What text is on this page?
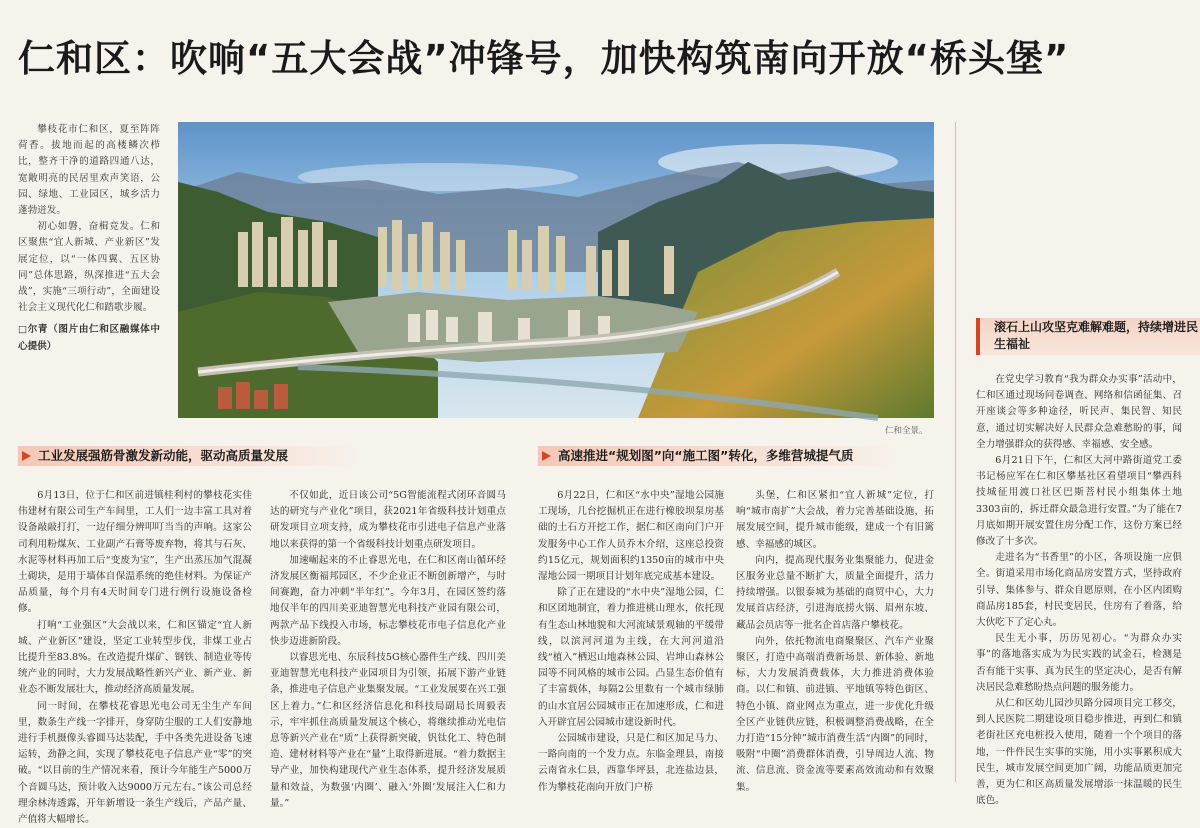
仁和区：吹响“五大会战”冲锋号，加快构筑南向开放“桥头堡”

攀枝花市仁和区，夏至阵阵荷香。拔地而起的高楼鳞次栉比，整齐干净的道路四通八达，宽敞明亮的民居里欢声笑语，公园、绿地、工业园区，城乡活力蓬勃迸发。

初心如磐，奋楫竞发。仁和区聚焦“宜人新城、产业新区”发展定位，以“一体四翼、五区协同”总体思路，纵深推进“五大会战”，实施“三项行动”，全面建设社会主义现代化仁和踏歌步履。

□尔青（图片由仁和区融媒体中心提供）

仁和全景。
工业发展强筋骨激发新动能，驱动高质量发展	高速推进“规划图”向“施工图”转化，多维营城提气质
滚石上山攻坚克难解难题，持续增进民生福祉

6月13日，位于仁和区前进镇桂利村的攀枝花实佳伟建材有限公司生产车间里，工人们一边丰富工具对着设备敲敲打打，一边仔细分辨叩叮当当的声响。这家公司利用粉煤灰、工业副产石膏等废弃物，将其与石灰、水泥等材料再加工后“变废为宝”，生产出蒸压加气混凝土砌块，是用于墙体自保温系统的绝佳材料。为保证产品质量，每个月有4天时间专门进行例行设施设备检修。

打响“工业强区”大会战以来，仁和区锚定“宜人新城、产业新区”建设，坚定工业转型步伐，非煤工业占比提升至83.8%。在改造提升煤矿、钢铁、制造业等传统产业的同时，大力发展战略性新兴产业、新产业、新业态不断发展壮大，推动经济高质量发展。

同一时间，在攀枝花睿思光电公司无尘生产车间里，数条生产线一字排开，身穿防尘服的工人们安静地进行手机摄像头睿圆马达装配，手中各类先进设备飞速运转，劲静之间，实现了攀枝花电子信息产业“零”的突破。“以目前的生产情况来看，预计今年能生产5000万个音圆马达，预计收入达9000万元左右。”该公司总经理余林涛透露，开年新增设一条生产线后，产品产量、产值将大幅增长。

不仅如此，近日该公司“5G智能流程式闭环音圆马达的研究与产业化”项目，获2021年省级科技计划重点研发项目立项支持，成为攀枝花市引进电子信息产业落地以来获得的第一个省级科技计划重点研发项目。

加速崛起来的不止睿思光电，在仁和区南山循环经济发展区衡福邦园区，不少企业正不断创新增产，与时间赛跑，奋力冲刺“半年红”。今年3月，在园区签约落地仅半年的四川美亚迪智慧光电科技产业园有限公司，两款产品下线投入市场，标志攀枝花市电子信息化产业快步迈进新阶段。

以睿思光电、东辰科技5G核心器件生产线、四川美亚迪智慧光电科技产业园项目为引领，拓展下游产业链条，推进电子信息产业集聚发展。“工业发展要在兴工强区上着力。”仁和区经济信息化和科技局副局长周毅表示，牢牢抓住高质量发展这个核心，将继续推动光电信息等新兴产业在“质”上获得新突破，钒钛化工、特色制造、建材材料等产业在“量”上取得新进展。“着力数据主导产业，加快构建现代产业生态体系，提升经济发展质量和效益，为数强‘内圈’、融入‘外圈’发展注入仁和力量。”

6月22日，仁和区“水中央”湿地公园施工现场，几台挖掘机正在进行橡胶坝泵房基础的土石方开挖工作，据仁和区南向门户开发服务中心工作人员乔木介绍，这座总投资约15亿元，规划面积约1350亩的城市中央湿地公园一期项目计划年底完成基本建设。

除了正在建设的“水中央”湿地公园，仁和区团地制宜，着力推进桃山理水，依托现有生态山林地貌和大河流域景观轴的平缓带线，以滨河河道为主线，在大河河道沿线“植入”栖迟山地森林公园、岩坤山森林公园等不同风格的城市公园。凸显生态价值有了丰富载体，每隔2公里数有一个城市绿肺的山水宜居公园城市正在加速形成，仁和进入开辟宜居公园城市建设新时代。

公园城市建设，只是仁和区加足马力、一路向南的一个发力点。东临金理县，南接云南省永仁县，西靠华坪县，北连盐边县，作为攀枝花南向开放门户桥

头堡，仁和区紧扣“宜人新城”定位，打响“城市南扩”大会战，着力完善基础设施，拓展发展空间，提升城市能级，建成一个有旧篱感、幸福感的城区。

向内，提高现代服务业集聚能力，促进金区服务业总量不断扩大，质量全面提升，活力持续增强。以银泰城为基础的商贸中心，大力发展首店经济，引进海底捞火锅、眉州东坡、藏品会员店等一批名企首店落户攀枝花。

向外，依托物流电商聚聚区、汽车产业聚聚区，打造中高端消费新场景、新体验、新地标，大力发展消费载体，大力推进消费体验商。以仁和镇、前进镇、平地镇等特色街区、特色小镇、商业网点为重点，进一步优化升级全区产业链供应链，积极调整消费战略，在全力打造“15分钟”城市消费生活“内圈”的同时，吸附“中圈”消费群体消费，引导周边人流、物流、信息流、资金流等要素高效流动和有效聚集。

在党史学习教育“我为群众办实事”活动中，仁和区通过现场问卷调查、网络和信函征集、召开座谈会等多种途径，听民声、集民智、知民意，通过切实解决好人民群众急难愁盼的事，闻全力增强群众的获得感、幸福感、安全感。

6月21日下午，仁和区大河中路街道党工委书记杨应军在仁和区攀基社区看望项目“攀西科技城征用渡口社区巴斯菩村民小组集体土地3303亩的，拆迁群众最急进行安置。”为了能在7月底如期开展安置住房分配工作，这份方案已经修改了十多次。

走进名为“书香里”的小区，各项设施一应俱全。街道采用市场化商品房安置方式，坚持政府引导、集体参与、群众自愿原则，在小区内团购商品房185套，村民变居民，住房有了着落，给大伙吃下了定心丸。

民生无小事，历历见初心。“为群众办实事”的落地落实成为为民实践的试金石，检测是否有能干实事、真为民生的坚定决心，是否有解决居民急难愁盼热点问题的服务能力。

从仁和区幼儿园沙贝路分园项目完工移交，到人民医院二期建设项目稳步推进，再到仁和镇老街社区充电桩投入使用，随着一个个项目的落地，一件件民生实事的实施，用小实事累积成大民生，城市发展空间更加广阔，功能品质更加完善，更为仁和区高质量发展增添一抹温暖的民生底色。
